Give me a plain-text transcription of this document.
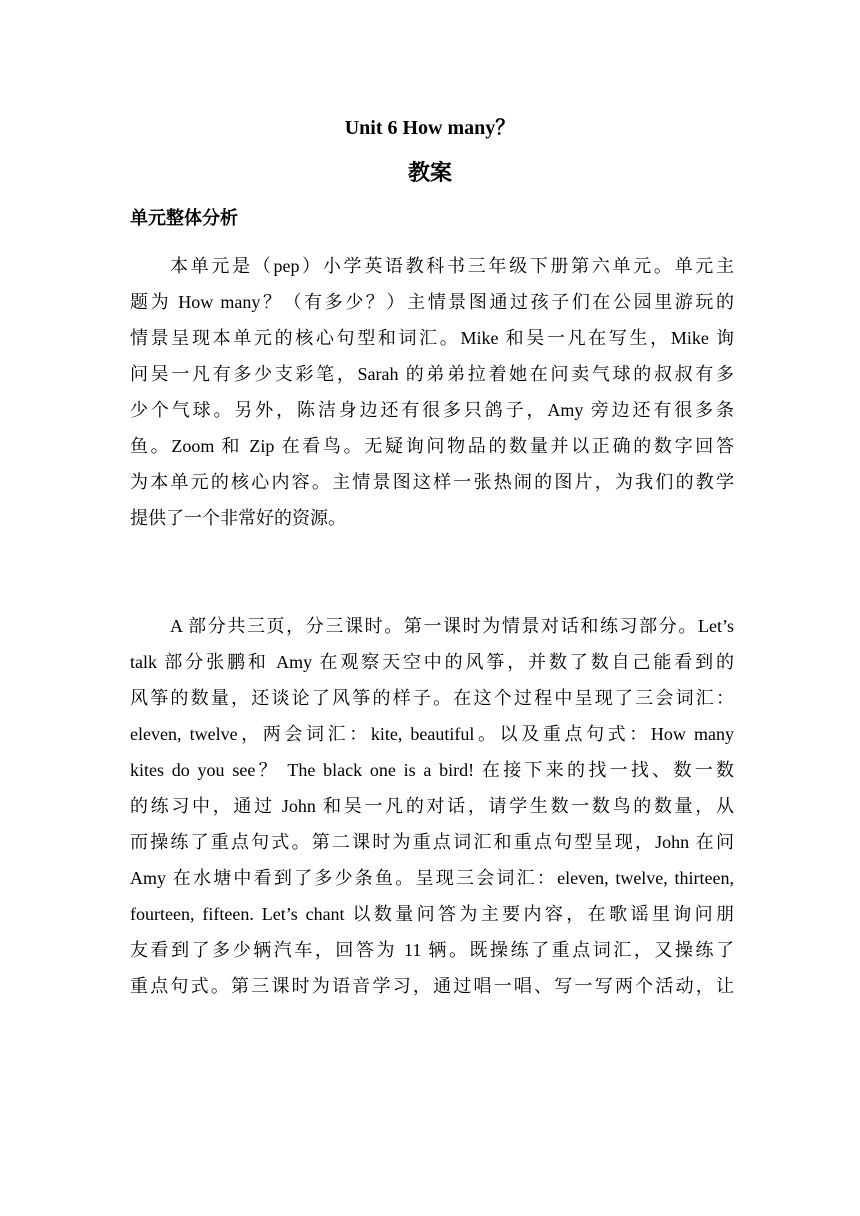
Unit 6 How many？
教案
单元整体分析
本单元是（pep）小学英语教科书三年级下册第六单元。单元主
题为 How many？（有多少？）主情景图通过孩子们在公园里游玩的
情景呈现本单元的核心句型和词汇。Mike 和吴一凡在写生，Mike 询
问吴一凡有多少支彩笔，Sarah 的弟弟拉着她在问卖气球的叔叔有多
少个气球。另外，陈洁身边还有很多只鸽子，Amy 旁边还有很多条
鱼。Zoom 和 Zip 在看鸟。无疑询问物品的数量并以正确的数字回答
为本单元的核心内容。主情景图这样一张热闹的图片，为我们的教学
提供了一个非常好的资源。
A 部分共三页，分三课时。第一课时为情景对话和练习部分。Let’s
talk 部分张鹏和 Amy 在观察天空中的风筝，并数了数自己能看到的
风筝的数量，还谈论了风筝的样子。在这个过程中呈现了三会词汇：
eleven, twelve，两会词汇：kite, beautiful。以及重点句式：How many
kites do you see？ The black one is a bird! 在接下来的找一找、数一数
的练习中，通过 John 和吴一凡的对话，请学生数一数鸟的数量，从
而操练了重点句式。第二课时为重点词汇和重点句型呈现，John 在问
Amy 在水塘中看到了多少条鱼。呈现三会词汇：eleven, twelve, thirteen,
fourteen, fifteen. Let’s chant 以数量问答为主要内容，在歌谣里询问朋
友看到了多少辆汽车，回答为 11 辆。既操练了重点词汇，又操练了
重点句式。第三课时为语音学习，通过唱一唱、写一写两个活动，让
